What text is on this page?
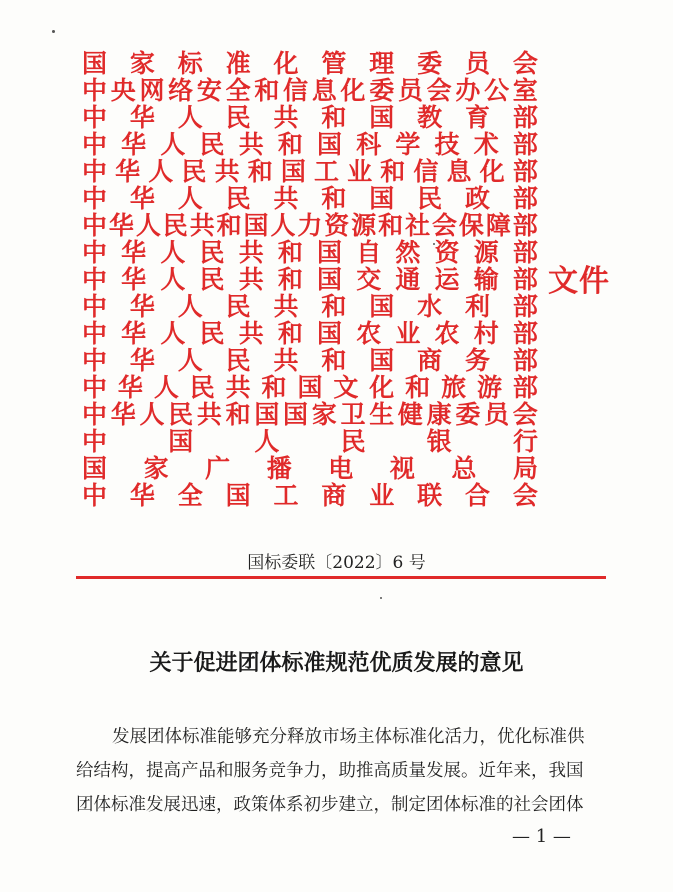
国 家 标 准 化 管 理 委 员 会
中 央 网 络 安 全 和 信 息 化 委 员 会 办 公 室
中 华 人 民 共 和 国 教 育 部
中 华 人 民 共 和 国 科 学 技 术 部
中 华 人 民 共 和 国 工 业 和 信 息 化 部
中 华 人 民 共 和 国 民 政 部
中 华 人 民 共 和 国 人 力 资 源 和 社 会 保 障 部
中 华 人 民 共 和 国 自 然 资 源 部
中 华 人 民 共 和 国 交 通 运 输 部
中 华 人 民 共 和 国 水 利 部
中 华 人 民 共 和 国 农 业 农 村 部
中 华 人 民 共 和 国 商 务 部
中 华 人 民 共 和 国 文 化 和 旅 游 部
中 华 人 民 共 和 国 国 家 卫 生 健 康 委 员 会
中 国 人 民 银 行
国 家 广 播 电 视 总 局
中 华 全 国 工 商 业 联 合 会
文件
国标委联〔2022〕6 号
关于促进团体标准规范优质发展的意见
发展团体标准能够充分释放市场主体标准化活力，优化标准供
给结构，提高产品和服务竞争力，助推高质量发展。近年来，我国
团体标准发展迅速，政策体系初步建立，制定团体标准的社会团体
— 1 —
